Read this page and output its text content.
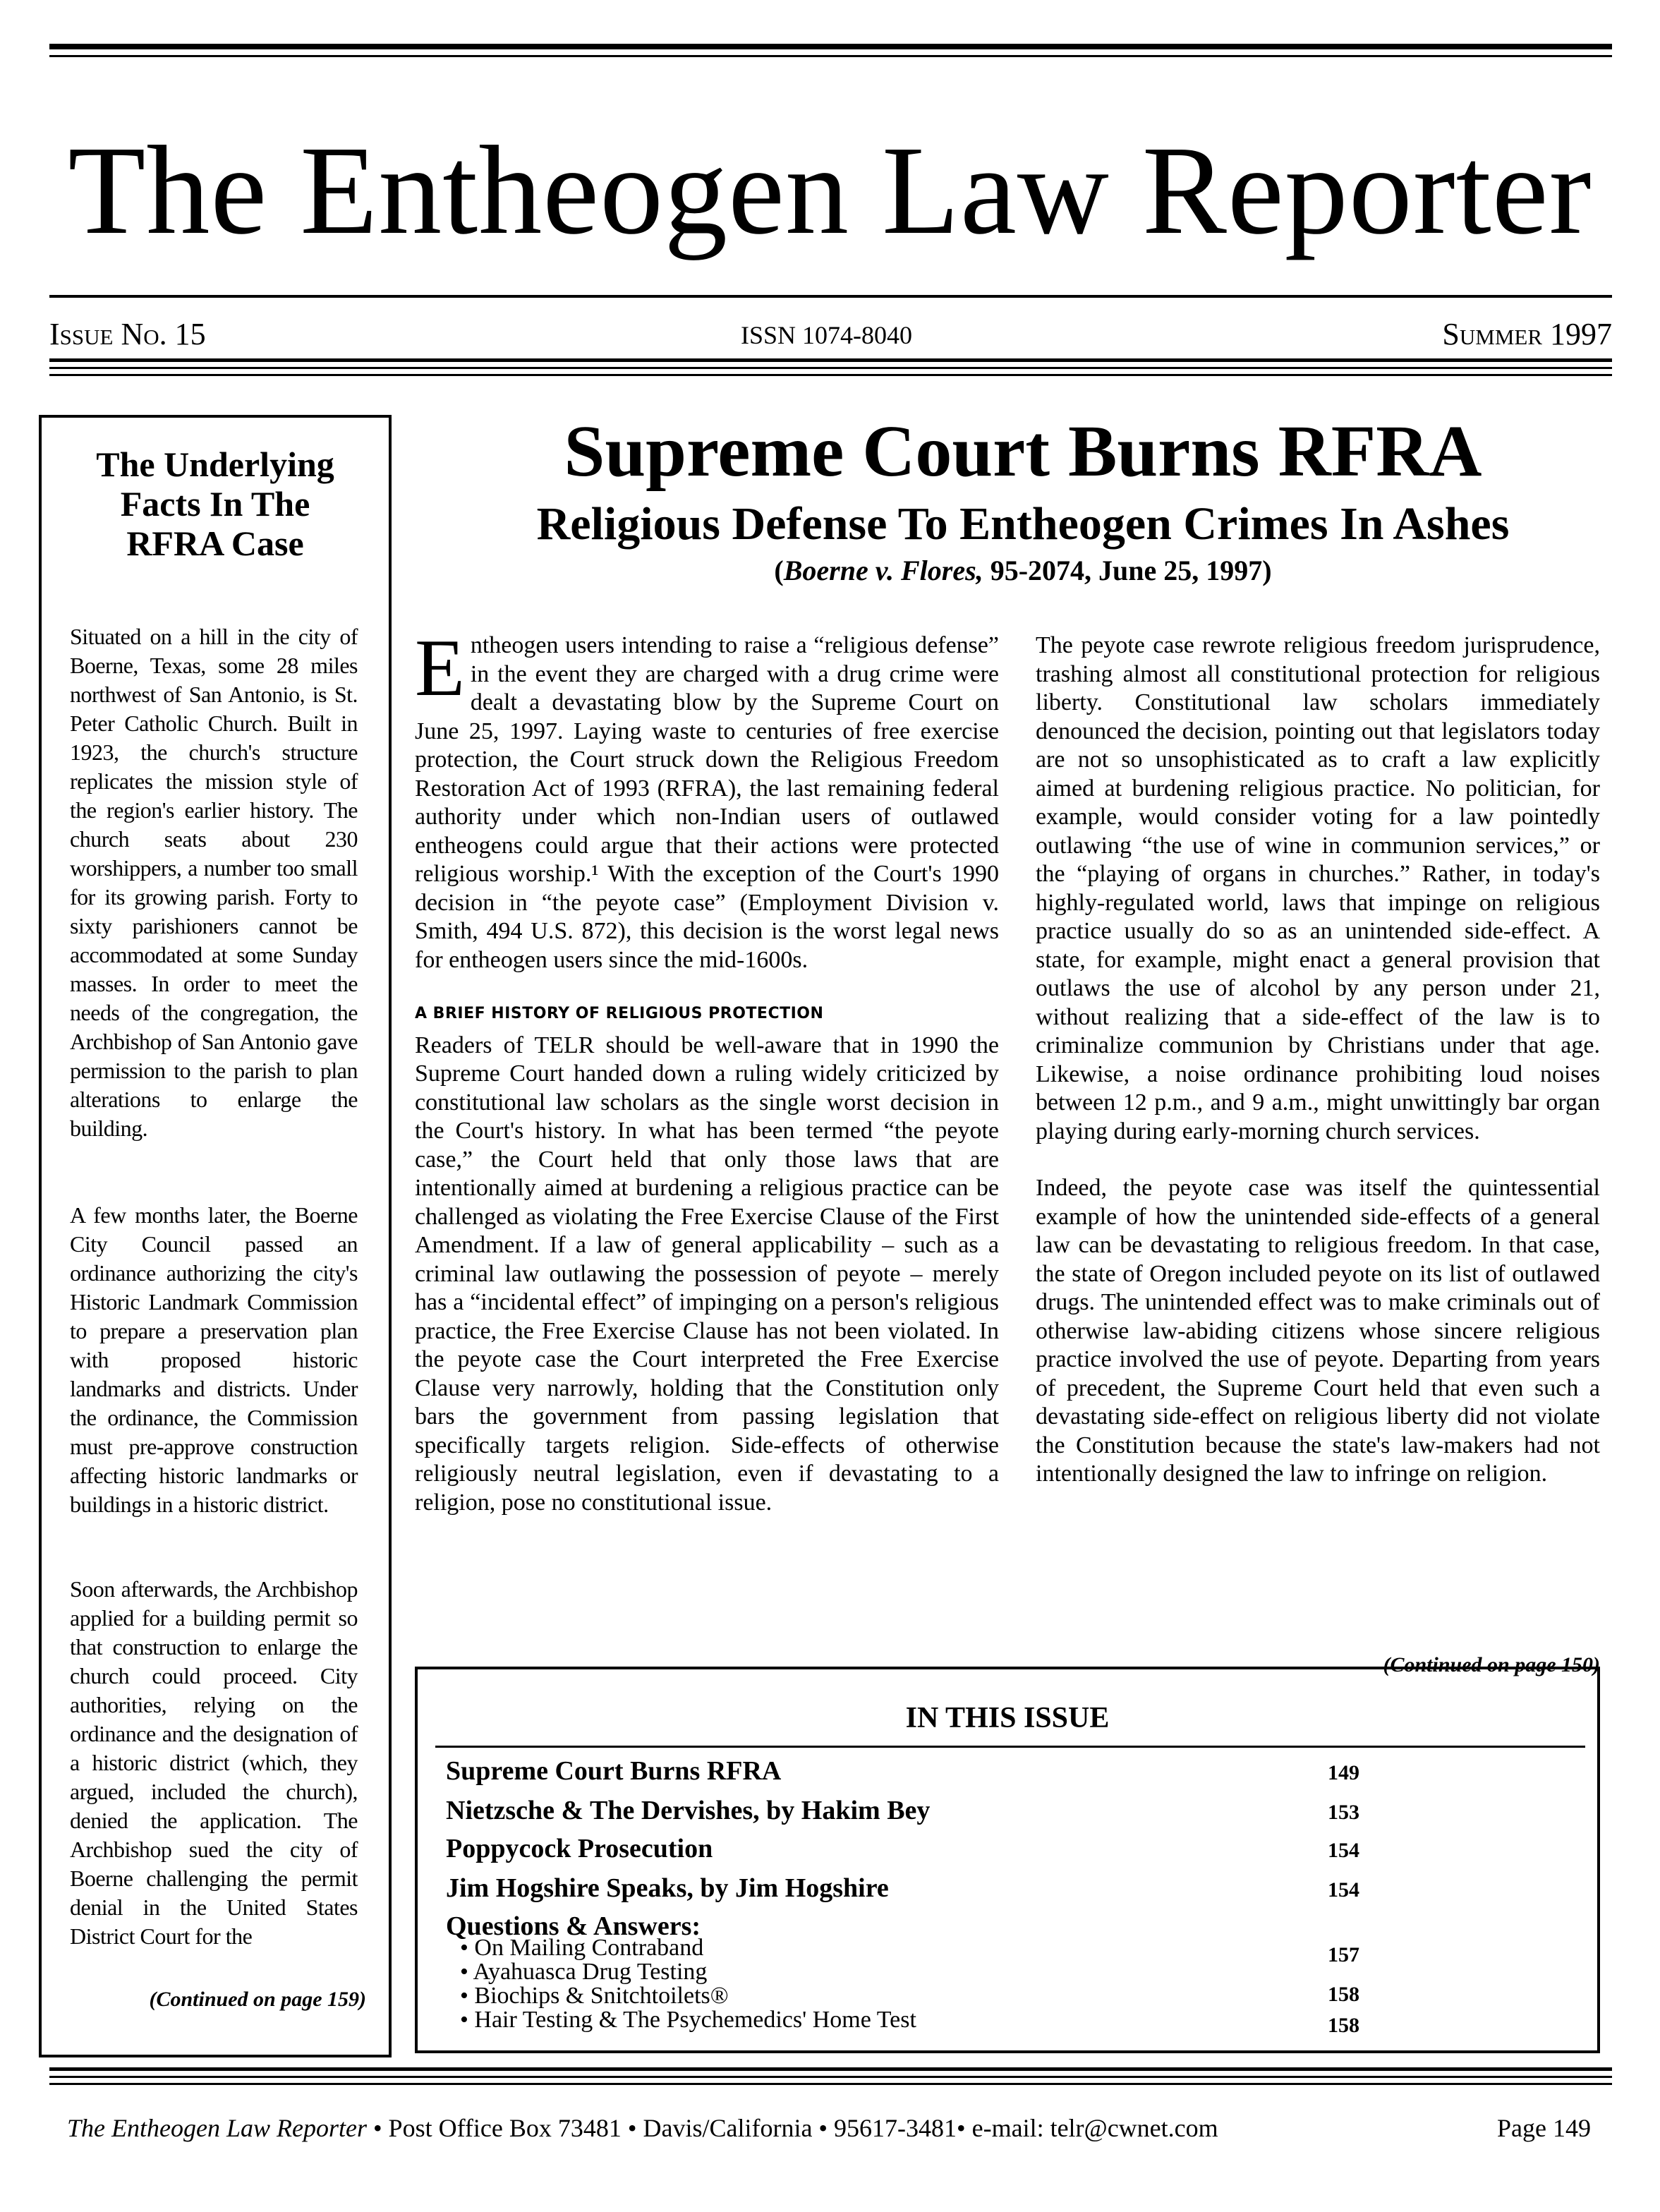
The Entheogen Law Reporter
Issue No. 15	ISSN 1074-8040	Summer 1997
The Underlying
Facts In The
RFRA Case
Situated on a hill in the city of Boerne, Texas, some 28 miles northwest of San Antonio, is St. Peter Catholic Church. Built in 1923, the church's structure replicates the mission style of the region's earlier history. The church seats about 230 worshippers, a number too small for its growing parish. Forty to sixty parishioners cannot be accommodated at some Sunday masses. In order to meet the needs of the congregation, the Archbishop of San Antonio gave permission to the parish to plan alterations to enlarge the building.
A few months later, the Boerne City Council passed an ordinance authorizing the city's Historic Landmark Commission to prepare a preservation plan with proposed historic landmarks and districts. Under the ordinance, the Commission must pre-approve construction affecting historic landmarks or buildings in a historic district.
Soon afterwards, the Archbishop applied for a building permit so that construction to enlarge the church could proceed. City authorities, relying on the ordinance and the designation of a historic district (which, they argued, included the church), denied the application. The Archbishop sued the city of Boerne challenging the permit denial in the United States District Court for the
(Continued on page 159)
Supreme Court Burns RFRA
Religious Defense To Entheogen Crimes In Ashes
(Boerne v. Flores, 95-2074, June 25, 1997)

Entheogen users intending to raise a “religious defense” in the event they are charged with a drug crime were dealt a devastating blow by the Supreme Court on June 25, 1997. Laying waste to centuries of free exercise protection, the Court struck down the Religious Freedom Restoration Act of 1993 (RFRA), the last remaining federal authority under which non-Indian users of outlawed entheogens could argue that their actions were protected religious worship.¹ With the exception of the Court's 1990 decision in “the peyote case” (Employment Division v. Smith, 494 U.S. 872), this decision is the worst legal news for entheogen users since the mid-1600s.

A BRIEF HISTORY OF RELIGIOUS PROTECTION

Readers of TELR should be well-aware that in 1990 the Supreme Court handed down a ruling widely criticized by constitutional law scholars as the single worst decision in the Court's history. In what has been termed “the peyote case,” the Court held that only those laws that are intentionally aimed at burdening a religious practice can be challenged as violating the Free Exercise Clause of the First Amendment. If a law of general applicability – such as a criminal law outlawing the possession of peyote – merely has a “incidental effect” of impinging on a person's religious practice, the Free Exercise Clause has not been violated. In the peyote case the Court interpreted the Free Exercise Clause very narrowly, holding that the Constitution only bars the government from passing legislation that specifically targets religion. Side-effects of otherwise religiously neutral legislation, even if devastating to a religion, pose no constitutional issue.

The peyote case rewrote religious freedom jurisprudence, trashing almost all constitutional protection for religious liberty. Constitutional law scholars immediately denounced the decision, pointing out that legislators today are not so unsophisticated as to craft a law explicitly aimed at burdening religious practice. No politician, for example, would consider voting for a law pointedly outlawing “the use of wine in communion services,” or the “playing of organs in churches.” Rather, in today's highly-regulated world, laws that impinge on religious practice usually do so as an unintended side-effect. A state, for example, might enact a general provision that outlaws the use of alcohol by any person under 21, without realizing that a side-effect of the law is to criminalize communion by Christians under that age. Likewise, a noise ordinance prohibiting loud noises between 12 p.m., and 9 a.m., might unwittingly bar organ playing during early-morning church services.

Indeed, the peyote case was itself the quintessential example of how the unintended side-effects of a general law can be devastating to religious freedom. In that case, the state of Oregon included peyote on its list of outlawed drugs. The unintended effect was to make criminals out of otherwise law-abiding citizens whose sincere religious practice involved the use of peyote. Departing from years of precedent, the Supreme Court held that even such a devastating side-effect on religious liberty did not violate the Constitution because the state's law-makers had not intentionally designed the law to infringe on religion.

(Continued on page 150)
IN THIS ISSUE
Supreme Court Burns RFRA	149
Nietzsche & The Dervishes, by Hakim Bey	153
Poppycock Prosecution	154
Jim Hogshire Speaks, by Jim Hogshire	154
Questions & Answers:
• On Mailing Contraband	157
• Ayahuasca Drug Testing
• Biochips & Snitchtoilets®	158
• Hair Testing & The Psychemedics' Home Test	158
The Entheogen Law Reporter • Post Office Box 73481 • Davis/California • 95617-3481• e-mail: telr@cwnet.com	Page 149
